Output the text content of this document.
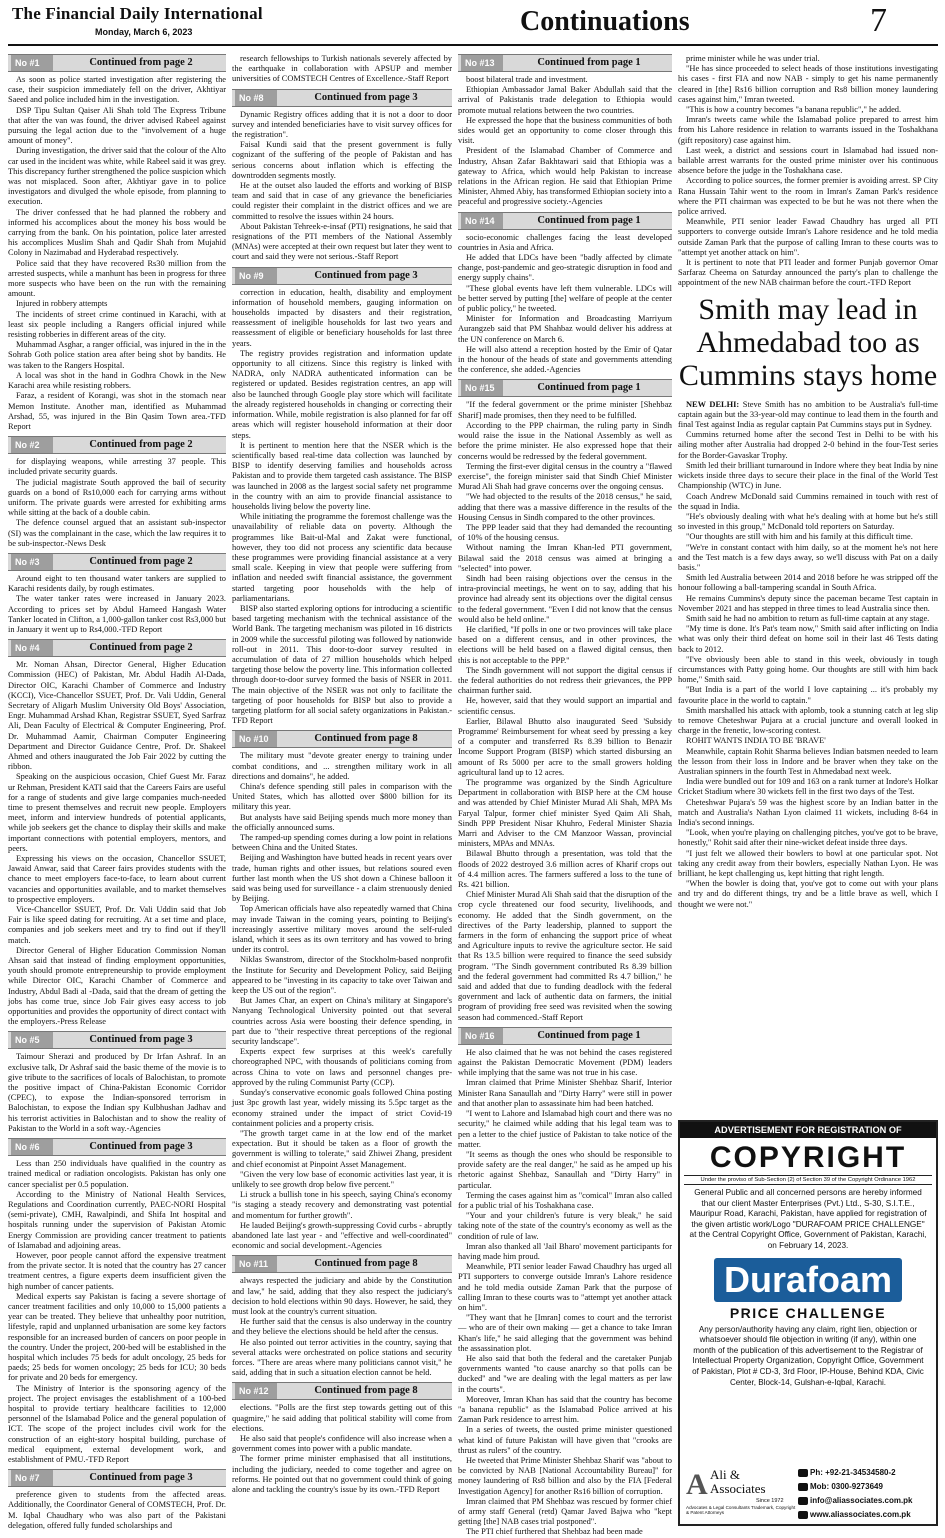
The Financial Daily International
Monday, March 6, 2023	Continuations	7
No #1	Continued from page 2

As soon as police started investigation after registering the case, their suspicion immediately fell on the driver, Akhtiyar Saeed and police included him in the investigation.

DSP Tipu Sultan Qaiser Ali Shah told The Express Tribune that after the van was found, the driver advised Rabeel against pursuing the legal action due to the "involvement of a huge amount of money".

During investigation, the driver said that the colour of the Alto car used in the incident was white, while Rabeel said it was grey. This discrepancy further strengthened the police suspicion which was not misplaced. Soon after, Akhtiyar gave in to police investigators and divulged the whole episode, from planning to execution.

The driver confessed that he had planned the robbery and informed his accomplices about the money his boss would be carrying from the bank. On his pointation, police later arrested his accomplices Muslim Shah and Qadir Shah from Mujahid Colony in Nazimabad and Hyderabad respectively.

Police said that they have recovered Rs30 million from the arrested suspects, while a manhunt has been in progress for three more suspects who have been on the run with the remaining amount.

Injured in robbery attempts

The incidents of street crime continued in Karachi, with at least six people including a Rangers official injured while resisting robberies in different areas of the city.

Muhammad Asghar, a ranger official, was injured in the in the Sohrab Goth police station area after being shot by bandits. He was taken to the Rangers Hospital.

A local was shot in the hand in Godhra Chowk in the New Karachi area while resisting robbers.

Faraz, a resident of Korangi, was shot in the stomach near Memon Institute. Another man, identified as Muhammad Arshad, 55, was injured in the Bin Qasim Town area.-TFD Report

No #2	Continued from page 2

for displaying weapons, while arresting 37 people. This included private security guards.

The judicial magistrate South approved the bail of security guards on a bond of Rs10,000 each for carrying arms without uniform. The private guards were arrested for exhibiting arms while sitting at the back of a double cabin.

The defence counsel argued that an assistant sub-inspector (SI) was the complainant in the case, which the law requires it to be sub-inspector.-News Desk

No #3	Continued from page 2

Around eight to ten thousand water tankers are supplied to Karachi residents daily, by rough estimates.

The water tanker rates were increased in January 2023. According to prices set by Abdul Hameed Hangash Water Tanker located in Clifton, a 1,000-gallon tanker cost Rs3,000 but in January it went up to Rs4,000.-TFD Report

No #4	Continued from page 2

Mr. Noman Ahsan, Director General, Higher Education Commission (HEC) of Pakistan, Mr. Abdul Hadih Al-Dada, Director OIC, Karachi Chamber of Commerce and Industry (KCCI), Vice-Chancellor SSUET, Prof. Dr. Vali Uddin, General Secretary of Aligarh Muslim University Old Boys' Association, Engr. Muhammad Arshad Khan, Registrar SSUET, Syed Sarfraz Ali, Dean Faculty of Electrical & Computer Engineering, Prof. Dr. Muhammad Aamir, Chairman Computer Engineering Department and Director Guidance Centre, Prof. Dr. Shakeel Ahmed and others inaugurated the Job Fair 2022 by cutting the ribbon.

Speaking on the auspicious occasion, Chief Guest Mr. Faraz ur Rehman, President KATI said that the Careers Fairs are useful for a range of students and give large companies much-needed time to present themselves and recruit new people. Employers meet, inform and interview hundreds of potential applicants, while job seekers get the chance to display their skills and make important connections with potential employers, mentors, and peers.

Expressing his views on the occasion, Chancellor SSUET, Jawaid Anwar, said that Career fairs provides students with the chance to meet employers face-to-face, to learn about current vacancies and opportunities available, and to market themselves to prospective employers.

Vice-Chancellor SSUET, Prof. Dr. Vali Uddin said that Job Fair is like speed dating for recruiting. At a set time and place, companies and job seekers meet and try to find out if they'll match.

Director General of Higher Education Commission Noman Ahsan said that instead of finding employment opportunities, youth should promote entrepreneurship to provide employment while Director OIC, Karachi Chamber of Commerce and Industry, Abdul Badi al -Dada, said that the dream of getting the jobs has come true, since Job Fair gives easy access to job opportunities and provides the opportunity of direct contact with the employers.-Press Release

No #5	Continued from page 3

Taimour Sherazi and produced by Dr Irfan Ashraf. In an exclusive talk, Dr Ashraf said the basic theme of the movie is to give tribute to the sacrifices of locals of Balochistan, to promote the positive impact of China-Pakistan Economic Corridor (CPEC), to expose the Indian-sponsored terrorism in Balochistan, to expose the Indian spy Kulbhushan Jadhav and his terrorist activities in Balochistan and to show the reality of Pakistan to the World in a soft way.-Agencies

No #6	Continued from page 3

Less than 250 individuals have qualified in the country as trained medical or radiation oncologists. Pakistan has only one cancer specialist per 0.5 population.

According to the Ministry of National Health Services, Regulations and Coordination currently, PAEC-NORI Hospital (semi-private), CMH, Rawalpindi, and Shifa Int hospital and hospitals running under the supervision of Pakistan Atomic Energy Commission are providing cancer treatment to patients of Islamabad and adjoining areas.

However, poor people cannot afford the expensive treatment from the private sector. It is noted that the country has 27 cancer treatment centres, a figure experts deem insufficient given the high number of cancer patients.

Medical experts say Pakistan is facing a severe shortage of cancer treatment facilities and only 10,000 to 15,000 patients a year can be treated. They believe that unhealthy poor nutrition, lifestyle, rapid and unplanned urbanisation are some key factors responsible for an increased burden of cancers on poor people in the country. Under the project, 200-bed will be established in the hospital which includes 75 beds for adult oncology, 25 beds for paeds; 25 beds for women oncology; 25 beds for ICU; 30 beds for private and 20 beds for emergency.

The Ministry of Interior is the sponsoring agency of the project. The project envisages the establishment of a 100-bed hospital to provide tertiary healthcare facilities to 12,000 personnel of the Islamabad Police and the general population of ICT. The scope of the project includes civil work for the construction of an eight-story hospital building, purchase of medical equipment, external development work, and establishment of PMU.-TFD Report

No #7	Continued from page 3

preference given to students from the affected areas. Additionally, the Coordinator General of COMSTECH, Prof. Dr. M. Iqbal Chaudhary who was also part of the Pakistani delegation, offered fully funded scholarships and

research fellowships to Turkish nationals severely affected by the earthquake in collaboration with APSUP and member universities of COMSTECH Centres of Excellence.-Staff Report

No #8	Continued from page 3

Dynamic Registry offices adding that it is not a door to door survey and intended beneficiaries have to visit survey offices for the registration".

Faisal Kundi said that the present government is fully cognizant of the suffering of the people of Pakistan and has serious concerns about inflation which is effecting the downtrodden segments mostly.

He at the outset also lauded the efforts and working of BISP team and said that in case of any grievance the beneficiaries could register their complaint in the district offices and we are committed to resolve the issues within 24 hours.

About Pakistan Tehreek-e-insaf (PTI) resignations, he said that resignations of the PTI members of the National Assembly (MNAs) were accepted at their own request but later they went to court and said they were not serious.-Staff Report

No #9	Continued from page 3

correction in education, health, disability and employment information of household members, gauging information on households impacted by disasters and their registration, reassessment of ineligible households for last two years and reassessment of eligible or beneficiary households for last three years.

The registry provides registration and information update opportunity to all citizens. Since this registry is linked with NADRA, only NADRA authenticated information can be registered or updated. Besides registration centres, an app will also be launched through Google play store which will facilitate the already registered households in changing or correcting their information. While, mobile registration is also planned for far off areas which will register household information at their door steps.

It is pertinent to mention here that the NSER which is the scientifically based real-time data collection was launched by BISP to identify deserving families and households across Pakistan and to provide them targeted cash assistance. The BISP was launched in 2008 as the largest social safety net programme in the country with an aim to provide financial assistance to households living below the poverty line.

While initiating the programme the foremost challenge was the unavailability of reliable data on poverty. Although the programmes like Bait-ul-Mal and Zakat were functional, however, they too did not process any scientific data because these programmes were providing financial assistance at a very small scale. Keeping in view that people were suffering from inflation and needed swift financial assistance, the government started targeting poor households with the help of parliamentarians.

BISP also started exploring options for introducing a scientific based targeting mechanism with the technical assistance of the World Bank. The targeting mechanism was piloted in 16 districts in 2009 while the successful piloting was followed by nationwide roll-out in 2011. This door-to-door survey resulted in accumulation of data of 27 million households which helped targeting those below the poverty line. This information collected through door-to-door survey formed the basis of NSER in 2011. The main objective of the NSER was not only to facilitate the targeting of poor households for BISP but also to provide a targeting platform for all social safety organizations in Pakistan.-TFD Report

No #10	Continued from page 8

The military must "devote greater energy to training under combat conditions, and ... strengthen military work in all directions and domains", he added.

China's defence spending still pales in comparison with the United States, which has allotted over $800 billion for its military this year.

But analysts have said Beijing spends much more money than the officially announced sums.

The ramped-up spending comes during a low point in relations between China and the United States.

Beijing and Washington have butted heads in recent years over trade, human rights and other issues, but relations soured even further last month when the US shot down a Chinese balloon it said was being used for surveillance - a claim strenuously denied by Beijing.

Top American officials have also repeatedly warned that China may invade Taiwan in the coming years, pointing to Beijing's increasingly assertive military moves around the self-ruled island, which it sees as its own territory and has vowed to bring under its control.

Niklas Swanstrom, director of the Stockholm-based nonprofit the Institute for Security and Development Policy, said Beijing appeared to be "investing in its capacity to take over Taiwan and keep the US out of the region".

But James Char, an expert on China's military at Singapore's Nanyang Technological University pointed out that several countries across Asia were boosting their defence spending, in part due to "their respective threat perceptions of the regional security landscape".

Experts expect few surprises at this week's carefully choreographed NPC, with thousands of politicians coming from across China to vote on laws and personnel changes pre-approved by the ruling Communist Party (CCP).

Sunday's conservative economic goals followed China posting just 3pc growth last year, widely missing its 5.5pc target as the economy strained under the impact of strict Covid-19 containment policies and a property crisis.

"The growth target came in at the low end of the market expectation. But it should be taken as a floor of growth the government is willing to tolerate," said Zhiwei Zhang, president and chief economist at Pinpoint Asset Management.

"Given the very low base of economic activities last year, it is unlikely to see growth drop below five percent."

Li struck a bullish tone in his speech, saying China's economy "is staging a steady recovery and demonstrating vast potential and momentum for further growth".

He lauded Beijing's growth-suppressing Covid curbs - abruptly abandoned late last year - and "effective and well-coordinated" economic and social development.-Agencies

No #11	Continued from page 8

always respected the judiciary and abide by the Constitution and law," he said, adding that they also respect the judiciary's decision to hold elections within 90 days. However, he said, they must look at the country's current situation.

He further said that the census is also underway in the country and they believe the elections should be held after the census.

He also pointed out terror activities in the country, saying that several attacks were orchestrated on police stations and security forces. "There are areas where many politicians cannot visit," he said, adding that in such a situation election cannot be held.

No #12	Continued from page 8

elections. "Polls are the first step towards getting out of this quagmire," he said adding that political stability will come from elections.

He also said that people's confidence will also increase when a government comes into power with a public mandate.

The former prime minister emphasised that all institutions, including the judiciary, needed to come together and agree on reforms. He pointed out that no government could think of going alone and tackling the country's issue by its own.-TFD Report

No #13	Continued from page 1

boost bilateral trade and investment.

Ethiopian Ambassador Jamal Baker Abdullah said that the arrival of Pakistanis trade delegation to Ethiopia would promote mutual relations between the two countries.

He expressed the hope that the business communities of both sides would get an opportunity to come closer through this visit.

President of the Islamabad Chamber of Commerce and Industry, Ahsan Zafar Bakhtawari said that Ethiopia was a gateway to Africa, which would help Pakistan to increase relations in the African region. He said that Ethiopian Prime Minister, Ahmed Abiy, has transformed Ethiopian society into a peaceful and progressive society.-Agencies

No #14	Continued from page 1

socio-economic challenges facing the least developed countries in Asia and Africa.

He added that LDCs have been "badly affected by climate change, post-pandemic and geo-strategic disruption in food and energy supply chains".

"These global events have left them vulnerable. LDCs will be better served by putting [the] welfare of people at the center of public policy," he tweeted.

Minister for Information and Broadcasting Marriyum Aurangzeb said that PM Shahbaz would deliver his address at the UN conference on March 6.

He will also attend a reception hosted by the Emir of Qatar in the honour of the heads of state and governments attending the conference, she added.-Agencies

No #15	Continued from page 1

"If the federal government or the prime minister [Shehbaz Sharif] made promises, then they need to be fulfilled.

According to the PPP chairman, the ruling party in Sindh would raise the issue in the National Assembly as well as before the prime minister. He also expressed hope that their concerns would be redressed by the federal government.

Terming the first-ever digital census in the country a "flawed exercise", the foreign minister said that Sindh Chief Minister Murad Ali Shah had grave concerns over the ongoing census.

"We had objected to the results of the 2018 census," he said, adding that there was a massive difference in the results of the Housing Census in Sindh compared to the other provinces.

The PPP leader said that they had demanded the recounting of 10% of the housing census.

Without naming the Imran Khan-led PTI government, Bilawal said the 2018 census was aimed at bringing a "selected" into power.

Sindh had been raising objections over the census in the intra-provincial meetings, he went on to say, adding that his province had already sent its objections over the digital census to the federal government. "Even I did not know that the census would also be held online."

He clarified, "If polls in one or two provinces will take place based on a different census, and in other provinces, the elections will be held based on a flawed digital census, then this is not acceptable to the PPP."

The Sindh government will not support the digital census if the federal authorities do not redress their grievances, the PPP chairman further said.

He, however, said that they would support an impartial and scientific census.

Earlier, Bilawal Bhutto also inaugurated Seed 'Subsidy Programme' Reimbursement for wheat seed by pressing a key of a computer and transferred Rs 8.39 billion to Benazir Income Support Program (BISP) which started disbursing an amount of Rs 5000 per acre to the small growers holding agricultural land up to 12 acres.

The programme was organized by the Sindh Agriculture Department in collaboration with BISP here at the CM house and was attended by Chief Minister Murad Ali Shah, MPA Ms Faryal Talpur, former chief minister Syed Qaim Ali Shah, Sindh PPP President Nisar Khuhro, Federal Minister Shazia Marri and Adviser to the CM Manzoor Wassan, provincial ministers, MPAs and MNAs.

Bilawal Bhutto through a presentation, was told that the floods of 2022 destroyed 3.6 million acres of Kharif crops out of 4.4 million acres. The farmers suffered a loss to the tune of Rs. 421 billion.

Chief Minister Murad Ali Shah said that the disruption of the crop cycle threatened our food security, livelihoods, and economy. He added that the Sindh government, on the directives of the Party leadership, planned to support the farmers in the form of enhancing the support price of wheat and Agriculture inputs to revive the agriculture sector. He said that Rs 13.5 billion were required to finance the seed subsidy program. "The Sindh government contributed Rs 8.39 billion and the federal government had committed Rs 4.7 billion," he said and added that due to funding deadlock with the federal government and lack of authentic data on farmers, the initial program of providing free seed was revisited when the sowing season had commenced.-Staff Report

No #16	Continued from page 1

He also claimed that he was not behind the cases registered against the Pakistan Democratic Movement (PDM) leaders while implying that the same was not true in his case.

Imran claimed that Prime Minister Shehbaz Sharif, Interior Minister Rana Sanaullah and "Dirty Harry" were still in power and that another plan to assassinate him had been hatched.

"I went to Lahore and Islamabad high court and there was no security," he claimed while adding that his legal team was to pen a letter to the chief justice of Pakistan to take notice of the matter.

"It seems as though the ones who should be responsible to provide safety are the real danger," he said as he amped up his rhetoric against Shehbaz, Sanaullah and "Dirty Harry" in particular.

Terming the cases against him as "comical" Imran also called for a public trial of his Toshakhana case.

"Your and your children's future is very bleak," he said taking note of the state of the country's economy as well as the condition of rule of law.

Imran also thanked all 'Jail Bharo' movement participants for having made him proud.

Meanwhile, PTI senior leader Fawad Chaudhry has urged all PTI supporters to converge outside Imran's Lahore residence and he told media outside Zaman Park that the purpose of calling Imran to these courts was to "attempt yet another attack on him".

"They want that he [Imran] comes to court and the terrorist — who are of their own making — get a chance to take Imran Khan's life," he said alleging that the government was behind the assassination plot.

He also said that both the federal and the caretaker Punjab governments wanted "to cause anarchy so that polls can be ducked" and "we are dealing with the legal matters as per law in the courts".

Moreover, Imran Khan has said that the country has become "a banana republic" as the Islamabad Police arrived at his Zaman Park residence to arrest him.

In a series of tweets, the ousted prime minister questioned what kind of future Pakistan will have given that "crooks are thrust as rulers" of the country.

He tweeted that Prime Minister Shehbaz Sharif was "about to be convicted by NAB [National Accountability Bureau]" for money laundering of Rs8 billion and also by the FIA [Federal Investigation Agency] for another Rs16 billion of corruption.

Imran claimed that PM Shehbaz was rescued by former chief of army staff General (retd) Qamar Javed Bajwa who "kept getting [the] NAB cases trial postponed".

The PTI chief furthered that Shehbaz had been made

prime minister while he was under trial.

"He has since proceeded to select heads of those institutions investigating his cases - first FIA and now NAB - simply to get his name permanently cleared in [the] Rs16 billion corruption and Rs8 billion money laundering cases against him," Imran tweeted.

"This is how a country becomes "a banana republic"," he added.

Imran's tweets came while the Islamabad police prepared to arrest him from his Lahore residence in relation to warrants issued in the Toshakhana (gift repository) case against him.

Last week, a district and sessions court in Islamabad had issued non-bailable arrest warrants for the ousted prime minister over his continuous absence before the judge in the Toshakhana case.

According to police sources, the former premier is avoiding arrest. SP City Rana Hussain Tahir went to the room in Imran's Zaman Park's residence where the PTI chairman was expected to be but he was not there when the police arrived.

Meanwhile, PTI senior leader Fawad Chaudhry has urged all PTI supporters to converge outside Imran's Lahore residence and he told media outside Zaman Park that the purpose of calling Imran to these courts was to "attempt yet another attack on him".

It is pertinent to note that PTI leader and former Punjab governor Omar Sarfaraz Cheema on Saturday announced the party's plan to challenge the appointment of the new NAB chairman before the court.-TFD Report

Smith may lead in Ahmedabad too as Cummins stays home

NEW DELHI: Steve Smith has no ambition to be Australia's full-time captain again but the 33-year-old may continue to lead them in the fourth and final Test against India as regular captain Pat Cummins stays put in Sydney.

Cummins returned home after the second Test in Delhi to be with his ailing mother after Australia had dropped 2-0 behind in the four-Test series for the Border-Gavaskar Trophy.

Smith led their brilliant turnaround in Indore where they beat India by nine wickets inside three days to secure their place in the final of the World Test Championship (WTC) in June.

Coach Andrew McDonald said Cummins remained in touch with rest of the squad in India.

"He's obviously dealing with what he's dealing with at home but he's still so invested in this group," McDonald told reporters on Saturday.

"Our thoughts are still with him and his family at this difficult time.

"We're in constant contact with him daily, so at the moment he's not here and the Test match is a few days away, so we'll discuss with Pat on a daily basis."

Smith led Australia between 2014 and 2018 before he was stripped off the honour following a ball-tampering scandal in South Africa.

He remains Cummins's deputy since the paceman became Test captain in November 2021 and has stepped in three times to lead Australia since then.

Smith said he had no ambition to return as full-time captain at any stage.

"My time is done. It's Pat's team now," Smith said after inflicting on India what was only their third defeat on home soil in their last 46 Tests dating back to 2012.

"I've obviously been able to stand in this week, obviously in tough circumstances with Patty going home. Our thoughts are still with him back home," Smith said.

"But India is a part of the world I love captaining ... it's probably my favourite place in the world to captain."

Smith marshalled his attack with aplomb, took a stunning catch at leg slip to remove Cheteshwar Pujara at a crucial juncture and overall looked in charge in the frenetic, low-scoring contest.

ROHIT WANTS INDIA TO BE 'BRAVE'

Meanwhile, captain Rohit Sharma believes Indian batsmen needed to learn the lesson from their loss in Indore and be braver when they take on the Australian spinners in the fourth Test in Ahmedabad next week.

India were bundled out for 109 and 163 on a rank turner at Indore's Holkar Cricket Stadium where 30 wickets fell in the first two days of the Test.

Cheteshwar Pujara's 59 was the highest score by an Indian batter in the match and Australia's Nathan Lyon claimed 11 wickets, including 8-64 in India's second innings.

"Look, when you're playing on challenging pitches, you've got to be brave, honestly," Rohit said after their nine-wicket defeat inside three days.

"I just felt we allowed their bowlers to bowl at one particular spot. Not taking any credit away from their bowlers, especially Nathan Lyon. He was brilliant, he kept challenging us, kept hitting that right length.

"When the bowler is doing that, you've got to come out with your plans and try and do different things, try and be a little brave as well, which I thought we were not."

ADVERTISEMENT FOR REGISTRATION OF
COPYRIGHT
Under the proviso of Sub-Section (2) of Section 39 of the Copyright Ordinance 1962
General Public and all concerned persons are hereby informed that our client Master Enterprises (Pvt.) Ltd., S-30, S.I.T.E., Mauripur Road, Karachi, Pakistan, have applied for registration of the given artistic work/Logo "DURAFOAM PRICE CHALLENGE" at the Central Copyright Office, Government of Pakistan, Karachi, on February 14, 2023.
Durafoam
PRICE CHALLENGE
Any person/authority having any claim, right lien, objection or whatsoever should file objection in writing (if any), within one month of the publication of this advertisement to the Registrar of Intellectual Property Organization, Copyright Office, Government of Pakistan, Plot # CD-3, 3rd Floor, IP-House, Behind KDA, Civic Center, Block-14, Gulshan-e-Iqbal, Karachi.
A Ali & Associates
Since 1972
Advocates & Legal Consultants Trademark, Copyright & Patent Attorneys
Ph: +92-21-34534580-2
Mob: 0300-9273649
info@aliassociates.com.pk
www.aliassociates.com.pk
